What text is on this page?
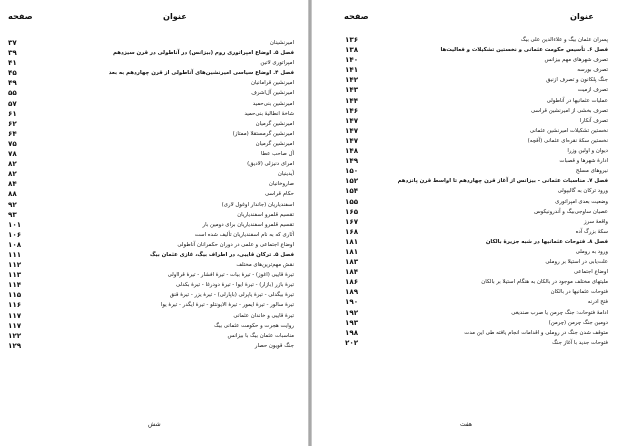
عنوان
صفحه
۳۷	امیرنشینان
۳۹	فصل ۵. اوضاع امپراتوری روم (بیزانس) در آناطولی در قرن سیزدهم
۴۱	امپراتوری لاتین
۴۵	فصل ۴. اوضاع سیاسی امیرنشین‌های آناطولی از قرن چهاردهم به بعد
۴۹	امیرنشین قرامانیان
۵۵	امیرنشین آل‌اشرف
۵۷	امیرنشین بنی‌حمید
۶۱	شاخهٔ انطالیهٔ بنی‌حمید
۶۲	امیرنشین گرمیان
۶۴	امیرنشین گرمستقلا (ممتاز)
۷۵	امیرنشین گرمیان
۷۸	آل صاحب عطا
۸۲	امرای دنیزلی (لادیق)
۸۲	آیدینیان
۸۴	صاروخانیان
۸۸	حکام قراسی
۹۲	اسفندیاریان (جاندار اوغول لاری)
۹۳	تقسیم قلمرو اسفندیاریان
۱۰۱	تقسیم قلمرو اسفندیاریان برای دومین بار
۱۰۶	آثاری که به نام اسفندیاریان تألیف شده است
۱۰۸	اوضاع اجتماعی و علمی در دوران حکمرانان آناطولی
۱۱۱	فصل ۵. ترکان قاییی، در اطراف بیگ، غازی عثمان بیگ
۱۱۲	نقش مهم‌ترین‌های مختلف
۱۱۳	تیرهٔ قاییی (اغوز) - تیرهٔ بیات - تیرهٔ افشار - تیرهٔ قرا‌اولی
۱۱۴	تیرهٔ بازر (بازار) - تیرهٔ ایوا - تیرهٔ دودرغا - تیرهٔ بکدلی
۱۱۵	تیرهٔ بیگدلی - تیرهٔ یاپرلی (باپارلی) - تیرهٔ یزر - تیرهٔ قنق
۱۱۶	تیرهٔ سالور - تیرهٔ ایمور - تیرهٔ الایونتلو - تیرهٔ ایگدر - تیرهٔ یوا
۱۱۷	تیرهٔ قاییی و خاندان عثمانی
۱۱۷	روایت هجرت و حکومت عثمانی بیگ
۱۲۲	مناسبات عثمان بیگ با بیزانس
۱۲۹	جنگ قویون حصار
شش
عنوان
صفحه
۱۳۶	پسران عثمان بیگ و علاءالدین علی بیگ
۱۳۸	فصل ۶. تأسیس حکومت عثمانی و نخستین تشکیلات و فعالیت‌ها
۱۴۰	تصرف شهرهای مهم بیزانس
۱۴۱	تصرف بورسه
۱۴۲	جنگ پلکانون و تصرف ازنیق
۱۴۳	تصرف ازمیت
۱۴۴	عملیات عثمانیها در آناطولی
۱۴۶	تصرف بخشی از امیرنشین قراسی
۱۴۷	تصرف آنکارا
۱۴۷	نخستین تشکیلات امیرنشین عثمانی
۱۴۷	نخستین سکهٔ نقره‌ای عثمانی (آقچه)
۱۴۸	دیوان و اولین وزرا
۱۴۹	ادارهٔ شهرها و قصبات
۱۵۰	نیروهای مسلح
۱۵۲	فصل ۷. مناسبات عثمانی - بیزانس از آغاز قرن چهاردهم تا اواسط قرن پانزدهم
۱۵۴	ورود ترکان به گالیپولی
۱۵۵	وضعیت بعدی امپراتوری
۱۶۵	عصیان ساوجی‌بیگ و آندرونیکوس
۱۶۷	واقعهٔ سرز
۱۶۸	سکهٔ بزرگ آده
۱۸۱	فصل ۸. فتوحات عثمانیها در شبه جزیرهٔ بالکان
۱۸۱	ورود به روملی
۱۸۳	علت‌یابی در استیلا بر روملی
۱۸۴	اوضاع اجتماعی
۱۸۶	ملیتهای مختلف موجود در بالکان به هنگام استیلا بر بالکان
۱۸۹	فتوحات عثمانیها در بالکان
۱۹۰	فتح ادرنه
۱۹۲	ادامهٔ فتوحات: جنگ چرمن یا صرب صندیغی
۱۹۳	دومین جنگ چرمن (چرمن)
۱۹۸	متوقف شدن جنگ در روملی و اقدامات انجام یافته طی این مدت
۲۰۲	فتوحات جدید با آغاز جنگ
هفت
